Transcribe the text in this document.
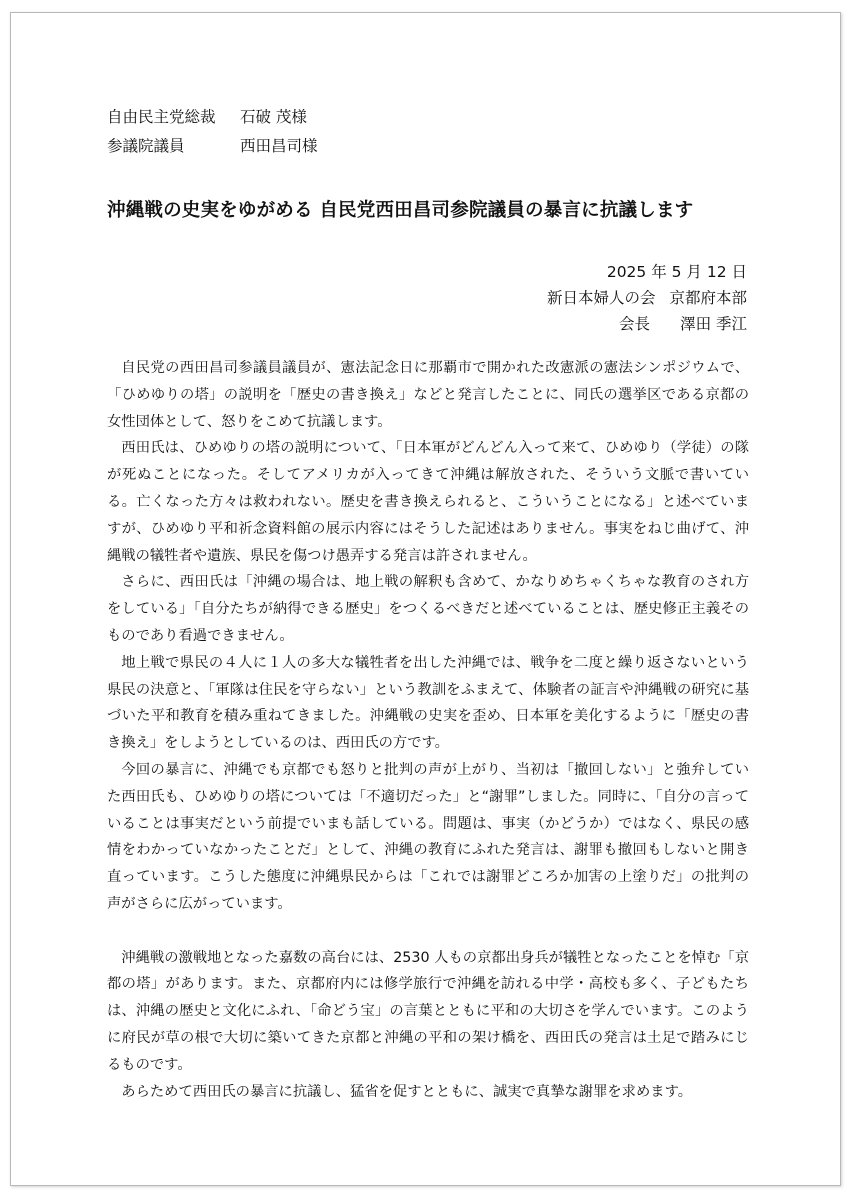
自由民主党総裁	石破 茂様
参議院議員	西田昌司様
沖縄戦の史実をゆがめる 自民党西田昌司参院議員の暴言に抗議します
2025 年 5 月 12 日
新日本婦人の会 京都府本部
会長 澤田 季江

自民党の西田昌司参議員議員が、憲法記念日に那覇市で開かれた改憲派の憲法シンポジウムで、「ひめゆりの塔」の説明を「歴史の書き換え」などと発言したことに、同氏の選挙区である京都の女性団体として、怒りをこめて抗議します。

西田氏は、ひめゆりの塔の説明について、「日本軍がどんどん入って来て、ひめゆり（学徒）の隊が死ぬことになった。そしてアメリカが入ってきて沖縄は解放された、そういう文脈で書いている。亡くなった方々は救われない。歴史を書き換えられると、こういうことになる」と述べていますが、ひめゆり平和祈念資料館の展示内容にはそうした記述はありません。事実をねじ曲げて、沖縄戦の犠牲者や遺族、県民を傷つけ愚弄する発言は許されません。

さらに、西田氏は「沖縄の場合は、地上戦の解釈も含めて、かなりめちゃくちゃな教育のされ方をしている」「自分たちが納得できる歴史」をつくるべきだと述べていることは、歴史修正主義そのものであり看過できません。

地上戦で県民の４人に１人の多大な犠牲者を出した沖縄では、戦争を二度と繰り返さないという県民の決意と、「軍隊は住民を守らない」という教訓をふまえて、体験者の証言や沖縄戦の研究に基づいた平和教育を積み重ねてきました。沖縄戦の史実を歪め、日本軍を美化するように「歴史の書き換え」をしようとしているのは、西田氏の方です。

今回の暴言に、沖縄でも京都でも怒りと批判の声が上がり、当初は「撤回しない」と強弁していた西田氏も、ひめゆりの塔については「不適切だった」と“謝罪”しました。同時に、「自分の言っていることは事実だという前提でいまも話している。問題は、事実（かどうか）ではなく、県民の感情をわかっていなかったことだ」として、沖縄の教育にふれた発言は、謝罪も撤回もしないと開き直っています。こうした態度に沖縄県民からは「これでは謝罪どころか加害の上塗りだ」の批判の声がさらに広がっています。

沖縄戦の激戦地となった嘉数の高台には、2530 人もの京都出身兵が犠牲となったことを悼む「京都の塔」があります。また、京都府内には修学旅行で沖縄を訪れる中学・高校も多く、子どもたちは、沖縄の歴史と文化にふれ、「命どう宝」の言葉とともに平和の大切さを学んでいます。このように府民が草の根で大切に築いてきた京都と沖縄の平和の架け橋を、西田氏の発言は土足で踏みにじるものです。

あらためて西田氏の暴言に抗議し、猛省を促すとともに、誠実で真摯な謝罪を求めます。
